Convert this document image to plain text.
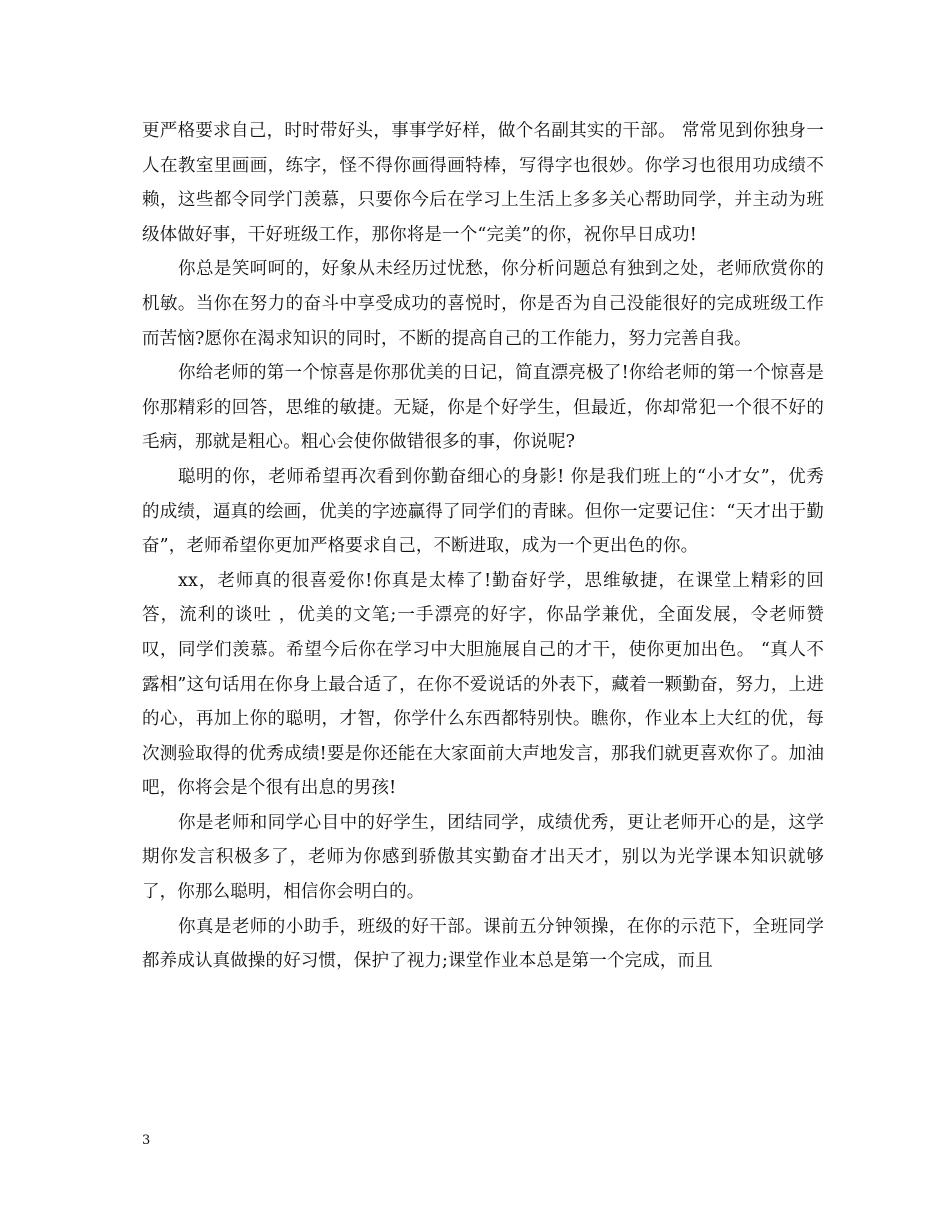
更严格要求自己，时时带好头，事事学好样，做个名副其实的干部。 常常见到你独身一人在教室里画画，练字，怪不得你画得画特棒，写得字也很妙。你学习也很用功成绩不赖，这些都令同学门羡慕，只要你今后在学习上生活上多多关心帮助同学，并主动为班级体做好事，干好班级工作，那你将是一个“完美”的你，祝你早日成功!

你总是笑呵呵的，好象从未经历过忧愁，你分析问题总有独到之处，老师欣赏你的机敏。当你在努力的奋斗中享受成功的喜悦时，你是否为自己没能很好的完成班级工作而苦恼?愿你在渴求知识的同时，不断的提高自己的工作能力，努力完善自我。

你给老师的第一个惊喜是你那优美的日记，简直漂亮极了!你给老师的第一个惊喜是你那精彩的回答，思维的敏捷。无疑，你是个好学生，但最近，你却常犯一个很不好的毛病，那就是粗心。粗心会使你做错很多的事，你说呢?

聪明的你，老师希望再次看到你勤奋细心的身影! 你是我们班上的“小才女”，优秀的成绩，逼真的绘画，优美的字迹赢得了同学们的青睐。但你一定要记住：“天才出于勤奋”，老师希望你更加严格要求自己，不断进取，成为一个更出色的你。

xx，老师真的很喜爱你!你真是太棒了!勤奋好学，思维敏捷，在课堂上精彩的回答，流利的谈吐 ，优美的文笔;一手漂亮的好字，你品学兼优，全面发展，令老师赞叹，同学们羡慕。希望今后你在学习中大胆施展自己的才干，使你更加出色。 “真人不露相”这句话用在你身上最合适了，在你不爱说话的外表下，藏着一颗勤奋，努力，上进的心，再加上你的聪明，才智，你学什么东西都特别快。瞧你，作业本上大红的优，每次测验取得的优秀成绩!要是你还能在大家面前大声地发言，那我们就更喜欢你了。加油吧，你将会是个很有出息的男孩!

你是老师和同学心目中的好学生，团结同学，成绩优秀，更让老师开心的是，这学期你发言积极多了，老师为你感到骄傲其实勤奋才出天才，别以为光学课本知识就够了，你那么聪明，相信你会明白的。

你真是老师的小助手，班级的好干部。课前五分钟领操，在你的示范下，全班同学都养成认真做操的好习惯，保护了视力;课堂作业本总是第一个完成，而且

3
